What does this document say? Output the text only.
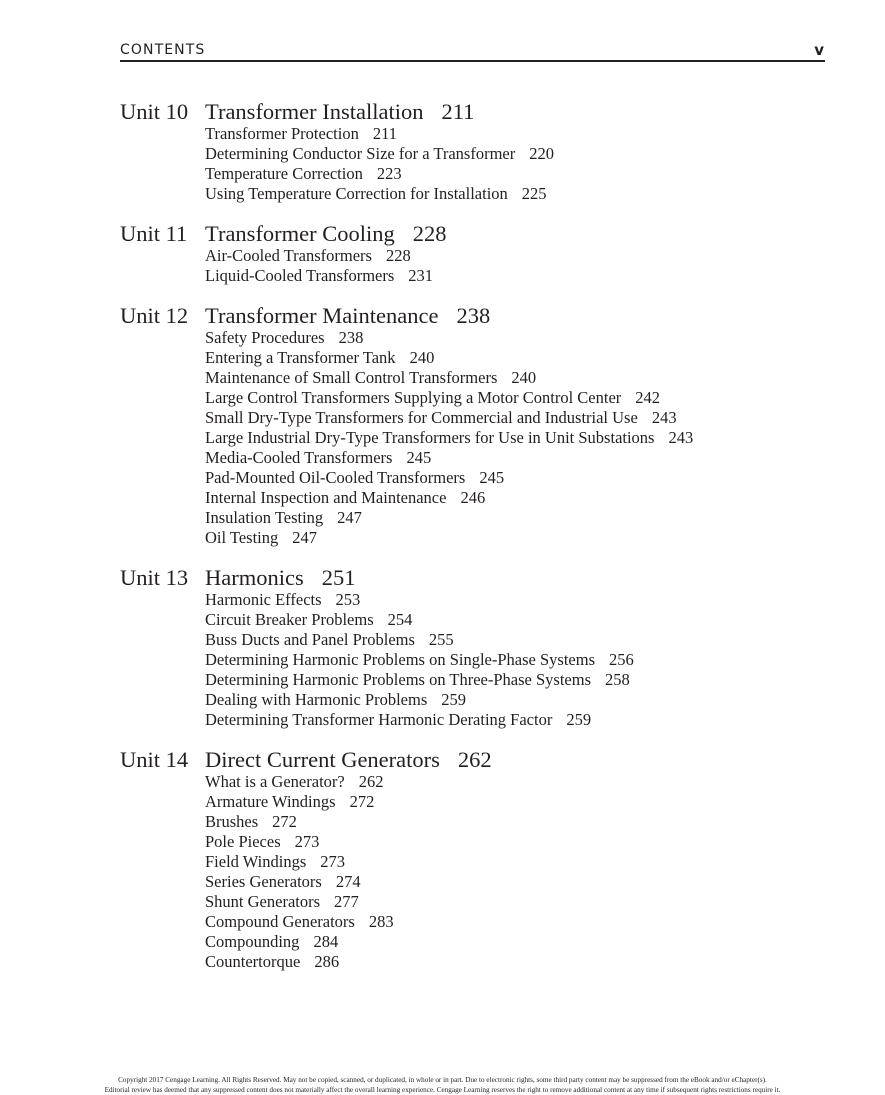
CONTENTS	v
Unit 10 Transformer Installation 211
Transformer Protection 211
Determining Conductor Size for a Transformer 220
Temperature Correction 223
Using Temperature Correction for Installation 225
Unit 11 Transformer Cooling 228
Air-Cooled Transformers 228
Liquid-Cooled Transformers 231
Unit 12 Transformer Maintenance 238
Safety Procedures 238
Entering a Transformer Tank 240
Maintenance of Small Control Transformers 240
Large Control Transformers Supplying a Motor Control Center 242
Small Dry-Type Transformers for Commercial and Industrial Use 243
Large Industrial Dry-Type Transformers for Use in Unit Substations 243
Media-Cooled Transformers 245
Pad-Mounted Oil-Cooled Transformers 245
Internal Inspection and Maintenance 246
Insulation Testing 247
Oil Testing 247
Unit 13 Harmonics 251
Harmonic Effects 253
Circuit Breaker Problems 254
Buss Ducts and Panel Problems 255
Determining Harmonic Problems on Single-Phase Systems 256
Determining Harmonic Problems on Three-Phase Systems 258
Dealing with Harmonic Problems 259
Determining Transformer Harmonic Derating Factor 259
Unit 14 Direct Current Generators 262
What is a Generator? 262
Armature Windings 272
Brushes 272
Pole Pieces 273
Field Windings 273
Series Generators 274
Shunt Generators 277
Compound Generators 283
Compounding 284
Countertorque 286
Copyright 2017 Cengage Learning. All Rights Reserved. May not be copied, scanned, or duplicated, in whole or in part. Due to electronic rights, some third party content may be suppressed from the eBook and/or eChapter(s).
Editorial review has deemed that any suppressed content does not materially affect the overall learning experience. Cengage Learning reserves the right to remove additional content at any time if subsequent rights restrictions require it.
